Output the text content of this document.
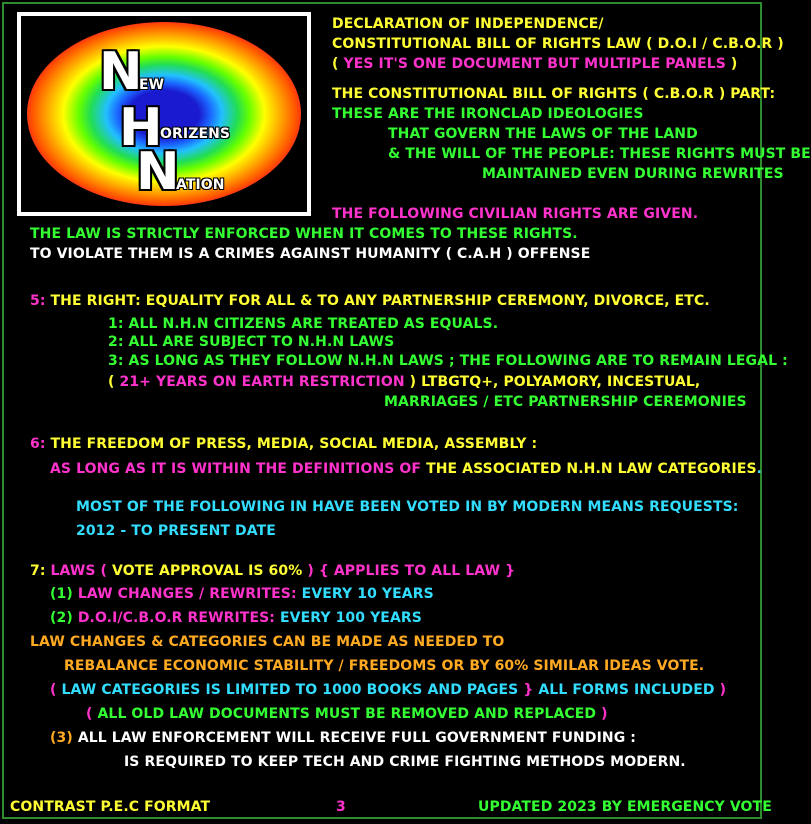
N
EW
H
ORIZENS
N
ATION
DECLARATION OF INDEPENDENCE/
CONSTITUTIONAL BILL OF RIGHTS LAW ( D.O.I / C.B.O.R )
( YES IT'S ONE DOCUMENT BUT MULTIPLE PANELS )
THE CONSTITUTIONAL BILL OF RIGHTS ( C.B.O.R ) PART:
THESE ARE THE IRONCLAD IDEOLOGIES
THAT GOVERN THE LAWS OF THE LAND
& THE WILL OF THE PEOPLE: THESE RIGHTS MUST BE
MAINTAINED EVEN DURING REWRITES
THE FOLLOWING CIVILIAN RIGHTS ARE GIVEN.
THE LAW IS STRICTLY ENFORCED WHEN IT COMES TO THESE RIGHTS.
TO VIOLATE THEM IS A CRIMES AGAINST HUMANITY ( C.A.H ) OFFENSE
5: THE RIGHT: EQUALITY FOR ALL & TO ANY PARTNERSHIP CEREMONY, DIVORCE, ETC.
1: ALL N.H.N CITIZENS ARE TREATED AS EQUALS.
2: ALL ARE SUBJECT TO N.H.N LAWS
3: AS LONG AS THEY FOLLOW N.H.N LAWS ; THE FOLLOWING ARE TO REMAIN LEGAL :
( 21+ YEARS ON EARTH RESTRICTION ) LTBGTQ+, POLYAMORY, INCESTUAL,
MARRIAGES / ETC PARTNERSHIP CEREMONIES
6: THE FREEDOM OF PRESS, MEDIA, SOCIAL MEDIA, ASSEMBLY :
AS LONG AS IT IS WITHIN THE DEFINITIONS OF THE ASSOCIATED N.H.N LAW CATEGORIES.
MOST OF THE FOLLOWING IN HAVE BEEN VOTED IN BY MODERN MEANS REQUESTS:
2012 - TO PRESENT DATE
7: LAWS ( VOTE APPROVAL IS 60% ) { APPLIES TO ALL LAW }
(1) LAW CHANGES / REWRITES: EVERY 10 YEARS
(2) D.O.I/C.B.O.R REWRITES: EVERY 100 YEARS
LAW CHANGES & CATEGORIES CAN BE MADE AS NEEDED TO
REBALANCE ECONOMIC STABILITY / FREEDOMS OR BY 60% SIMILAR IDEAS VOTE.
( LAW CATEGORIES IS LIMITED TO 1000 BOOKS AND PAGES } ALL FORMS INCLUDED )
( ALL OLD LAW DOCUMENTS MUST BE REMOVED AND REPLACED )
(3) ALL LAW ENFORCEMENT WILL RECEIVE FULL GOVERNMENT FUNDING :
IS REQUIRED TO KEEP TECH AND CRIME FIGHTING METHODS MODERN.
CONTRAST P.E.C FORMAT	3	UPDATED 2023 BY EMERGENCY VOTE
